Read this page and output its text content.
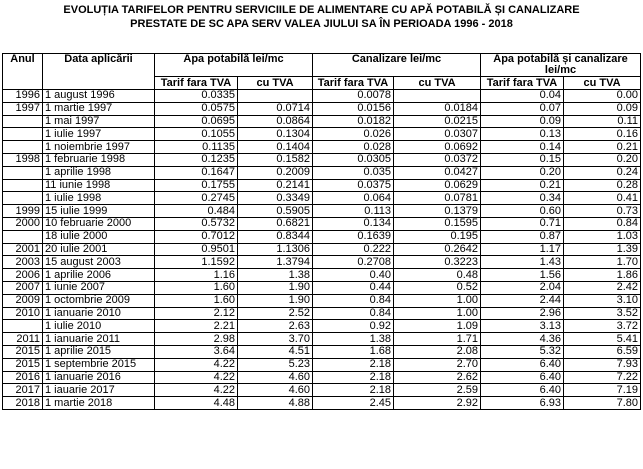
EVOLUȚIA TARIFELOR PENTRU SERVICIILE DE ALIMENTARE CU APĂ POTABILĂ ȘI CANALIZARE
PRESTATE DE SC APA SERV VALEA JIULUI SA ÎN PERIOADA 1996 - 2018
Anul	Data aplicării	Apa potabilă lei/mc		Canalizare lei/mc		Apa potabilă și canalizare lei/mc	
		Tarif fara TVA	cu TVA	Tarif fara TVA	cu TVA	Tarif fara TVA	cu TVA
1996	1 august 1996	0.0335		0.0078		0.04	0.00
1997	1 martie 1997	0.0575	0.0714	0.0156	0.0184	0.07	0.09
	1 mai 1997	0.0695	0.0864	0.0182	0.0215	0.09	0.11
	1 iulie 1997	0.1055	0.1304	0.026	0.0307	0.13	0.16
	1 noiembrie 1997	0.1135	0.1404	0.028	0.0692	0.14	0.21
1998	1 februarie 1998	0.1235	0.1582	0.0305	0.0372	0.15	0.20
	1 aprilie 1998	0.1647	0.2009	0.035	0.0427	0.20	0.24
	11 iunie 1998	0.1755	0.2141	0.0375	0.0629	0.21	0.28
	1 iulie 1998	0.2745	0.3349	0.064	0.0781	0.34	0.41
1999	15 iulie 1999	0.484	0.5905	0.113	0.1379	0.60	0.73
2000	10 februarie 2000	0.5732	0.6821	0.134	0.1595	0.71	0.84
	18 iulie 2000	0.7012	0.8344	0.1639	0.195	0.87	1.03
2001	20 iulie 2001	0.9501	1.1306	0.222	0.2642	1.17	1.39
2003	15 august 2003	1.1592	1.3794	0.2708	0.3223	1.43	1.70
2006	1 aprilie 2006	1.16	1.38	0.40	0.48	1.56	1.86
2007	1 iunie 2007	1.60	1.90	0.44	0.52	2.04	2.42
2009	1 octombrie 2009	1.60	1.90	0.84	1.00	2.44	3.10
2010	1 ianuarie 2010	2.12	2.52	0.84	1.00	2.96	3.52
	1 iulie 2010	2.21	2.63	0.92	1.09	3.13	3.72
2011	1 ianuarie 2011	2.98	3.70	1.38	1.71	4.36	5.41
2015	1 aprilie 2015	3.64	4.51	1.68	2.08	5.32	6.59
2015	1 septembrie 2015	4.22	5.23	2.18	2.70	6.40	7.93
2016	1 ianuarie 2016	4.22	4.60	2.18	2.62	6.40	7.22
2017	1 iauarie 2017	4.22	4.60	2.18	2.59	6.40	7.19
2018	1 martie 2018	4.48	4.88	2.45	2.92	6.93	7.80
